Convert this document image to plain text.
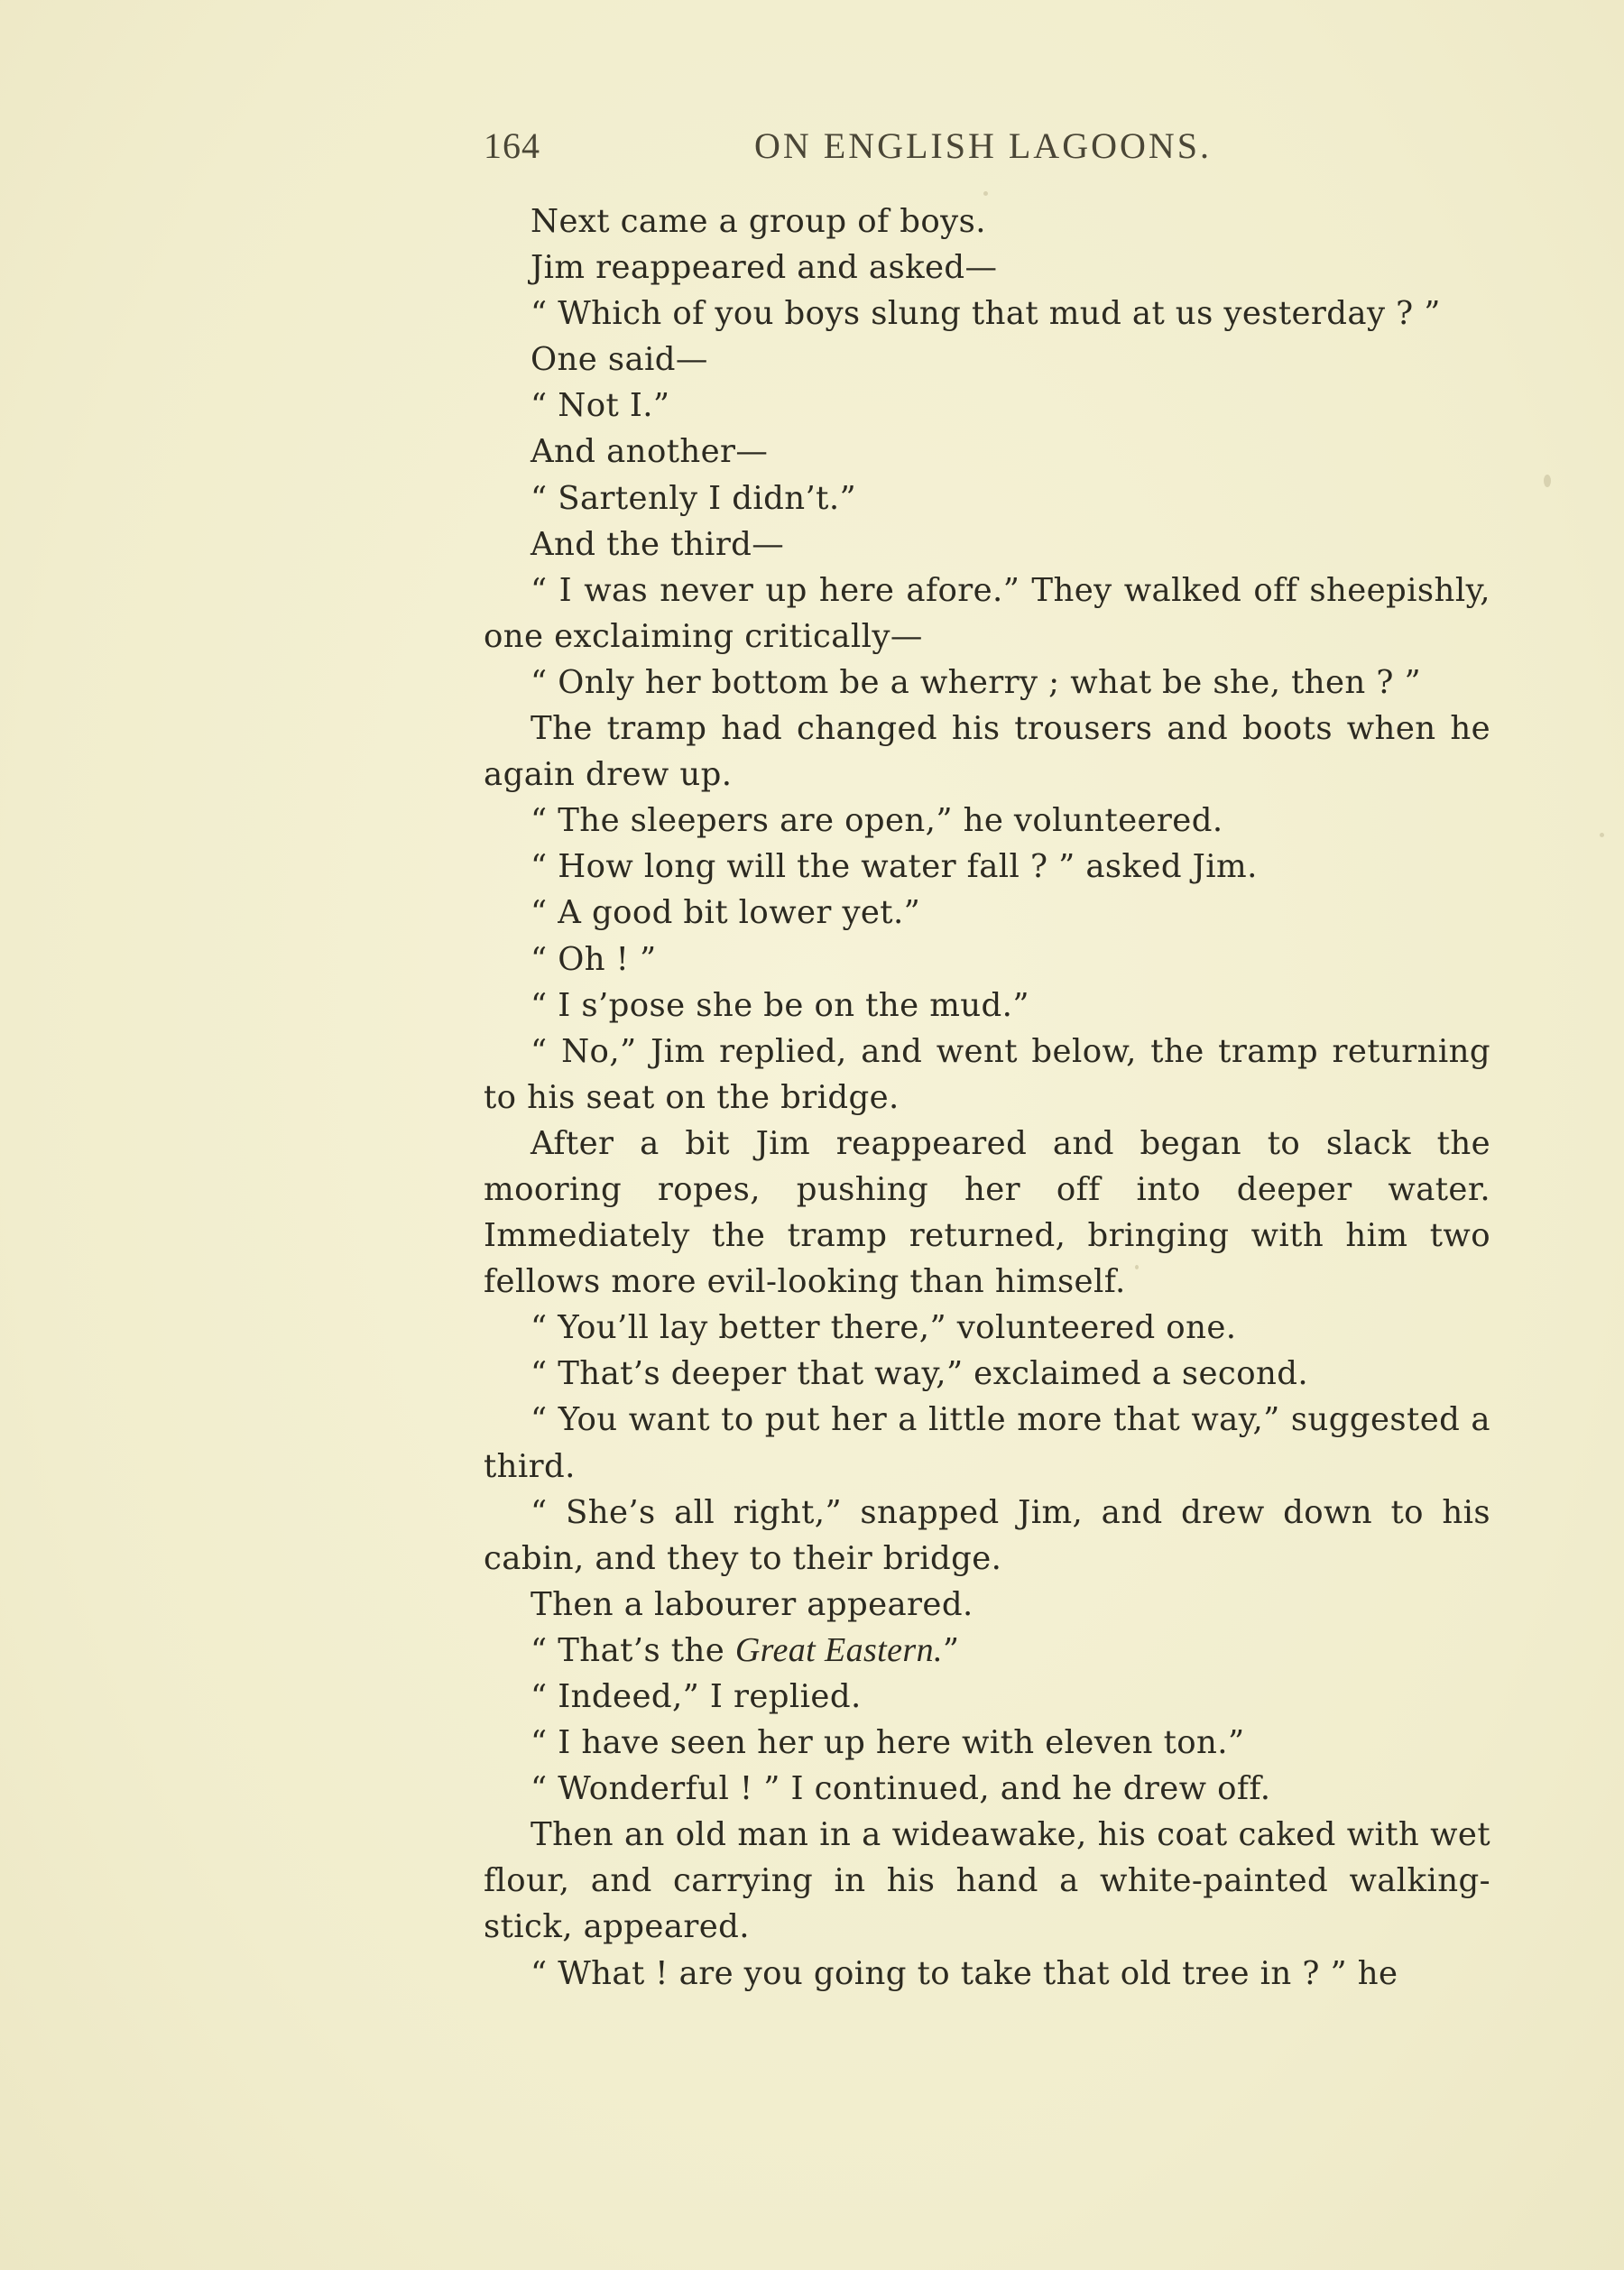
164	ON ENGLISH LAGOONS.

Next came a group of boys.

Jim reappeared and asked—

“ Which of you boys slung that mud at us yesterday ? ”

One said—

“ Not I.”

And another—

“ Sartenly I didn’t.”

And the third—

“ I was never up here afore.” They walked off sheepishly, one exclaiming critically—

“ Only her bottom be a wherry ; what be she, then ? ”

The tramp had changed his trousers and boots when he again drew up.

“ The sleepers are open,” he volunteered.

“ How long will the water fall ? ” asked Jim.

“ A good bit lower yet.”

“ Oh ! ”

“ I s’pose she be on the mud.”

“ No,” Jim replied, and went below, the tramp returning to his seat on the bridge.

After a bit Jim reappeared and began to slack the mooring ropes, pushing her off into deeper water. Immediately the tramp returned, bringing with him two fellows more evil-looking than himself.

“ You’ll lay better there,” volunteered one.

“ That’s deeper that way,” exclaimed a second.

“ You want to put her a little more that way,” suggested a third.

“ She’s all right,” snapped Jim, and drew down to his cabin, and they to their bridge.

Then a labourer appeared.

“ That’s the Great Eastern.”

“ Indeed,” I replied.

“ I have seen her up here with eleven ton.”

“ Wonderful ! ” I continued, and he drew off.

Then an old man in a wideawake, his coat caked with wet flour, and carrying in his hand a white-painted walking-stick, appeared.

“ What ! are you going to take that old tree in ? ” he
